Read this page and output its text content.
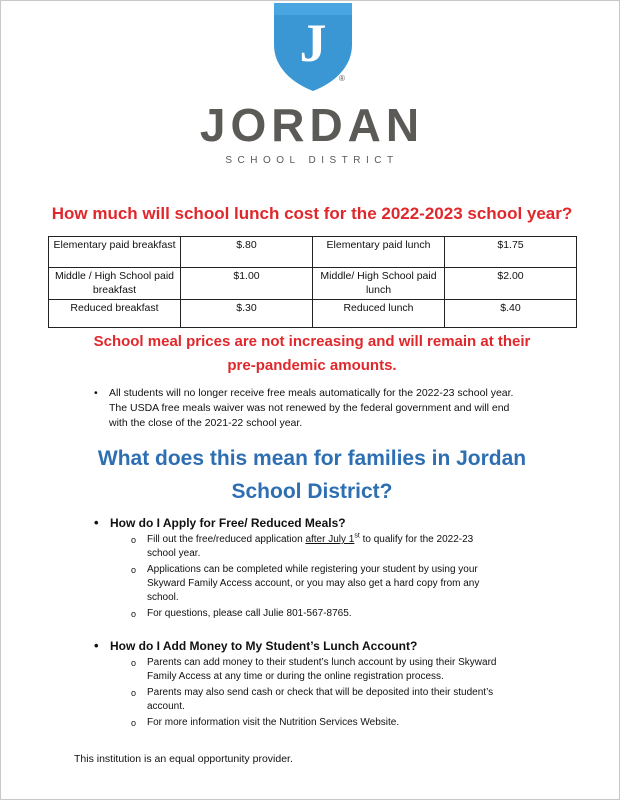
J
®
JORDAN
SCHOOL DISTRICT
How much will school lunch cost for the 2022-2023 school year?
Elementary paid breakfast	$.80	Elementary paid lunch	$1.75
Middle / High School paid breakfast	$1.00	Middle/ High School paid lunch	$2.00
Reduced breakfast	$.30	Reduced lunch	$.40
School meal prices are not increasing and will remain at their
pre-pandemic amounts.
• All students will no longer receive free meals automatically for the 2022-23 school year.
The USDA free meals waiver was not renewed by the federal government and will end
with the close of the 2021-22 school year.
What does this mean for families in Jordan
School District?
• How do I Apply for Free/ Reduced Meals?
o Fill out the free/reduced application after July 1st to qualify for the 2022-23
school year.
o Applications can be completed while registering your student by using your
Skyward Family Access account, or you may also get a hard copy from any
school.
o For questions, please call Julie 801-567-8765.
• How do I Add Money to My Student’s Lunch Account?
o Parents can add money to their student’s lunch account by using their Skyward
Family Access at any time or during the online registration process.
o Parents may also send cash or check that will be deposited into their student’s
account.
o For more information visit the Nutrition Services Website.
This institution is an equal opportunity provider.
